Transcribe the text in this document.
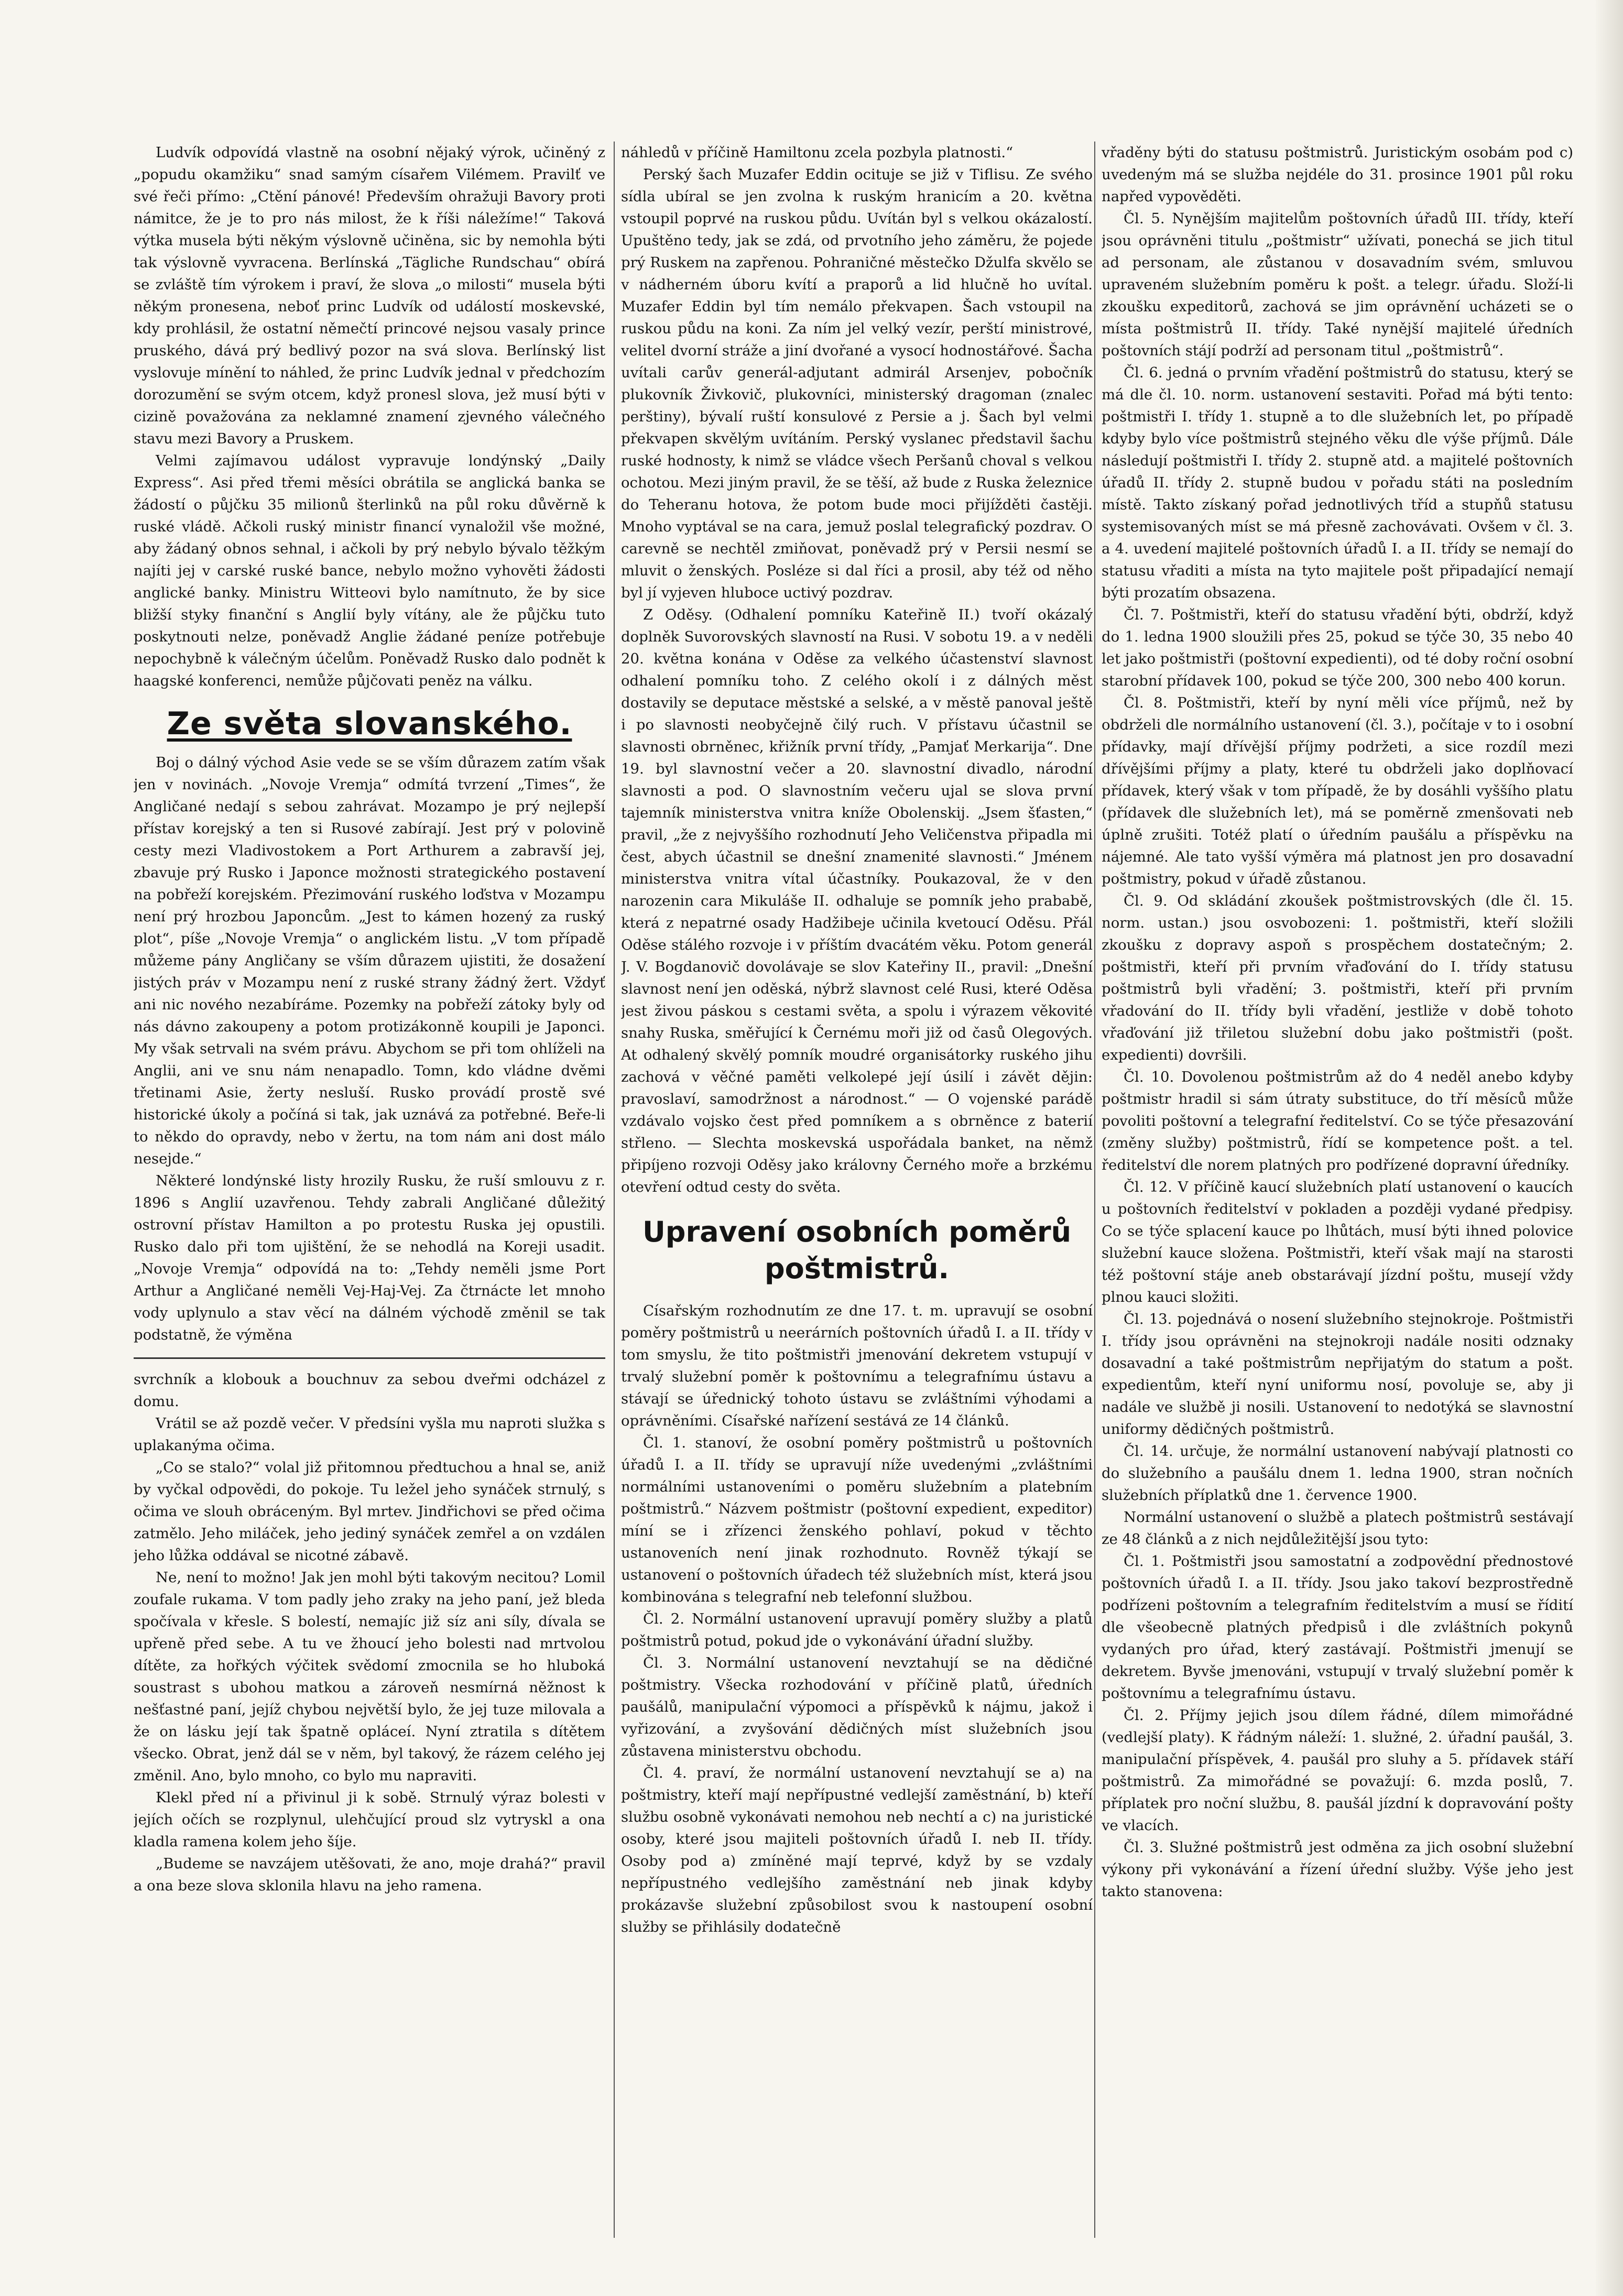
Ludvík odpovídá vlastně na osobní nějaký výrok, učiněný z „popudu okamžiku“ snad samým císařem Vilémem. Pravilť ve své řeči přímo: „Ctění pánové! Především ohražuji Bavory proti námitce, že je to pro nás milost, že k říši náležíme!“ Taková výtka musela býti někým výslovně učiněna, sic by nemohla býti tak výslovně vyvracena. Berlínská „Tägliche Rundschau“ obírá se zvláště tím výrokem i praví, že slova „o milosti“ musela býti někým pronesena, neboť princ Ludvík od událostí moskevské, kdy prohlásil, že ostatní němečtí princové nejsou vasaly prince pruského, dává prý bedlivý pozor na svá slova. Berlínský list vyslovuje mínění to náhled, že princ Ludvík jednal v předchozím dorozumění se svým otcem, když pronesl slova, jež musí býti v cizině považována za neklamné znamení zjevného válečného stavu mezi Bavory a Pruskem.

Velmi zajímavou událost vypravuje londýnský „Daily Express“. Asi před třemi měsíci obrátila se anglická banka se žádostí o půjčku 35 milionů šterlinků na půl roku důvěrně k ruské vládě. Ačkoli ruský ministr financí vynaložil vše možné, aby žádaný obnos sehnal, i ačkoli by prý nebylo bývalo těžkým najíti jej v carské ruské bance, nebylo možno vyhověti žádosti anglické banky. Ministru Witteovi bylo namítnuto, že by sice bližší styky finanční s Anglií byly vítány, ale že půjčku tuto poskytnouti nelze, poněvadž Anglie žádané peníze potřebuje nepochybně k válečným účelům. Poněvadž Rusko dalo podnět k haagské konferenci, nemůže půjčovati peněz na válku.

Ze světa slovanského.

Boj o dálný východ Asie vede se se vším důrazem zatím však jen v novinách. „Novoje Vremja“ odmítá tvrzení „Times“, že Angličané nedají s sebou zahrávat. Mozampo je prý nejlepší přístav korejský a ten si Rusové zabírají. Jest prý v polovině cesty mezi Vladivostokem a Port Arthurem a zabravší jej, zbavuje prý Rusko i Japonce možnosti strategického postavení na pobřeží korejském. Přezimování ruského loďstva v Mozampu není prý hrozbou Japoncům. „Jest to kámen hozený za ruský plot“, píše „Novoje Vremja“ o anglickém listu. „V tom případě můžeme pány Angličany se vším důrazem ujistiti, že dosažení jistých práv v Mozampu není z ruské strany žádný žert. Vždyť ani nic nového nezabíráme. Pozemky na pobřeží zátoky byly od nás dávno zakoupeny a potom protizákonně koupili je Japonci. My však setrvali na svém právu. Abychom se při tom ohlíželi na Anglii, ani ve snu nám nenapadlo. Tomn, kdo vládne dvěmi třetinami Asie, žerty nesluší. Rusko provádí prostě své historické úkoly a počíná si tak, jak uznává za potřebné. Beře-li to někdo do opravdy, nebo v žertu, na tom nám ani dost málo nesejde.“

Některé londýnské listy hrozily Rusku, že ruší smlouvu z r. 1896 s Anglií uzavřenou. Tehdy zabrali Angličané důležitý ostrovní přístav Hamilton a po protestu Ruska jej opustili. Rusko dalo při tom ujištění, že se nehodlá na Koreji usadit. „Novoje Vremja“ odpovídá na to: „Tehdy neměli jsme Port Arthur a Angličané neměli Vej-Haj-Vej. Za čtrnácte let mnoho vody uplynulo a stav věcí na dálném východě změnil se tak podstatně, že výměna

svrchník a klobouk a bouchnuv za sebou dveřmi odcházel z domu.

Vrátil se až pozdě večer. V předsíni vyšla mu naproti služka s uplakanýma očima.

„Co se stalo?“ volal již přitomnou předtuchou a hnal se, aniž by vyčkal odpovědi, do pokoje. Tu ležel jeho synáček strnulý, s očima ve slouh obráceným. Byl mrtev. Jindřichovi se před očima zatmělo. Jeho miláček, jeho jediný synáček zemřel a on vzdálen jeho lůžka oddával se nicotné zábavě.

Ne, není to možno! Jak jen mohl býti takovým necitou? Lomil zoufale rukama. V tom padly jeho zraky na jeho paní, jež bleda spočívala v křesle. S bolestí, nemajíc již síz ani síly, dívala se upřeně před sebe. A tu ve žhoucí jeho bolesti nad mrtvolou dítěte, za hořkých výčitek svědomí zmocnila se ho hluboká soustrast s ubohou matkou a zároveň nesmírná něžnost k nešťastné paní, jejíž chybou největší bylo, že jej tuze milovala a že on lásku její tak špatně opláceí. Nyní ztratila s dítětem všecko. Obrat, jenž dál se v něm, byl takový, že rázem celého jej změnil. Ano, bylo mnoho, co bylo mu napraviti.

Klekl před ní a přivinul ji k sobě. Strnulý výraz bolesti v jejích očích se rozplynul, ulehčující proud slz vytryskl a ona kladla ramena kolem jeho šíje.

„Budeme se navzájem utěšovati, že ano, moje drahá?“ pravil a ona beze slova sklonila hlavu na jeho ramena.

náhledů v příčině Hamiltonu zcela pozbyla platnosti.“

Perský šach Muzafer Eddin ocituje se již v Tiflisu. Ze svého sídla ubíral se jen zvolna k ruským hranicím a 20. května vstoupil poprvé na ruskou půdu. Uvítán byl s velkou okázalostí. Upuštěno tedy, jak se zdá, od prvotního jeho záměru, že pojede prý Ruskem na zapřenou. Pohraničné městečko Džulfa skvělo se v nádherném úboru kvítí a praporů a lid hlučně ho uvítal. Muzafer Eddin byl tím nemálo překvapen. Šach vstoupil na ruskou půdu na koni. Za ním jel velký vezír, perští ministrové, velitel dvorní stráže a jiní dvořané a vysocí hodnostářové. Šacha uvítali carův generál-adjutant admirál Arsenjev, pobočník plukovník Živkovič, plukovníci, ministerský dragoman (znalec perštiny), bývalí ruští konsulové z Persie a j. Šach byl velmi překvapen skvělým uvítáním. Perský vyslanec představil šachu ruské hodnosty, k nimž se vládce všech Peršanů choval s velkou ochotou. Mezi jiným pravil, že se těší, až bude z Ruska železnice do Teheranu hotova, že potom bude moci přijížděti častěji. Mnoho vyptával se na cara, jemuž poslal telegrafický pozdrav. O carevně se nechtěl zmiňovat, poněvadž prý v Persii nesmí se mluvit o ženských. Posléze si dal říci a prosil, aby též od něho byl jí vyjeven hluboce uctivý pozdrav.

Z Oděsy. (Odhalení pomníku Kateřině II.) tvoří okázalý doplněk Suvorovských slavností na Rusi. V sobotu 19. a v neděli 20. května konána v Oděse za velkého účastenství slavnost odhalení pomníku toho. Z celého okolí i z dálných měst dostavily se deputace městské a selské, a v městě panoval ještě i po slavnosti neobyčejně čilý ruch. V přístavu účastnil se slavnosti obrněnec, křižník první třídy, „Pamjať Merkarija“. Dne 19. byl slavnostní večer a 20. slavnostní divadlo, národní slavnosti a pod. O slavnostním večeru ujal se slova první tajemník ministerstva vnitra kníže Obolenskij. „Jsem šťasten,“ pravil, „že z nejvyššího rozhodnutí Jeho Veličenstva připadla mi čest, abych účastnil se dnešní znamenité slavnosti.“ Jménem ministerstva vnitra vítal účastníky. Poukazoval, že v den narozenin cara Mikuláše II. odhaluje se pomník jeho prababě, která z nepatrné osady Hadžibeje učinila kvetoucí Oděsu. Přál Oděse stálého rozvoje i v příštím dvacátém věku. Potom generál J. V. Bogdanovič dovolávaje se slov Kateřiny II., pravil: „Dnešní slavnost není jen oděská, nýbrž slavnost celé Rusi, které Oděsa jest živou páskou s cestami světa, a spolu i výrazem věkovité snahy Ruska, směřující k Černému moři již od časů Olegových. At odhalený skvělý pomník moudré organisátorky ruského jihu zachová v věčné paměti velkolepé její úsilí i závět dějin: pravoslaví, samodržnost a národnost.“ — O vojenské parádě vzdávalo vojsko čest před pomníkem a s obrněnce z baterií střleno. — Slechta moskevská uspořádala banket, na němž připíjeno rozvoji Oděsy jako královny Černého moře a brzkému otevření odtud cesty do světa.

Upravení osobních poměrů poštmistrů.

Císařským rozhodnutím ze dne 17. t. m. upravují se osobní poměry poštmistrů u neerárních poštovních úřadů I. a II. třídy v tom smyslu, že tito poštmistři jmenování dekretem vstupují v trvalý služební poměr k poštovnímu a telegrafnímu ústavu a stávají se úřednický tohoto ústavu se zvláštními výhodami a oprávněními. Císařské nařízení sestává ze 14 článků.

Čl. 1. stanoví, že osobní poměry poštmistrů u poštovních úřadů I. a II. třídy se upravují níže uvedenými „zvláštními normálními ustanoveními o poměru služebním a platebním poštmistrů.“ Názvem poštmistr (poštovní expedient, expeditor) míní se i zřízenci ženského pohlaví, pokud v těchto ustanoveních není jinak rozhodnuto. Rovněž týkají se ustanovení o poštovních úřadech též služebních míst, která jsou kombinována s telegrafní neb telefonní službou.

Čl. 2. Normální ustanovení upravují poměry služby a platů poštmistrů potud, pokud jde o vykonávání úřadní služby.

Čl. 3. Normální ustanovení nevztahují se na dědičné poštmistry. Všecka rozhodování v příčině platů, úředních paušálů, manipulační výpomoci a příspěvků k nájmu, jakož i vyřizování, a zvyšování dědičných míst služebních jsou zůstavena ministerstvu obchodu.

Čl. 4. praví, že normální ustanovení nevztahují se a) na poštmistry, kteří mají nepřípustné vedlejší zaměstnání, b) kteří službu osobně vykonávati nemohou neb nechtí a c) na juristické osoby, které jsou majiteli poštovních úřadů I. neb II. třídy. Osoby pod a) zmíněné mají teprvé, když by se vzdaly nepřípustného vedlejšího zaměstnání neb jinak kdyby prokázavše služební způsobilost svou k nastoupení osobní služby se přihlásily dodatečně

vřaděny býti do statusu poštmistrů. Juristickým osobám pod c) uvedeným má se služba nejdéle do 31. prosince 1901 půl roku napřed vypověděti.

Čl. 5. Nynějším majitelům poštovních úřadů III. třídy, kteří jsou oprávněni titulu „poštmistr“ užívati, ponechá se jich titul ad personam, ale zůstanou v dosavadním svém, smluvou upraveném služebním poměru k pošt. a telegr. úřadu. Složí-li zkoušku expeditorů, zachová se jim oprávnění ucházeti se o místa poštmistrů II. třídy. Také nynější majitelé úředních poštovních stájí podrží ad personam titul „poštmistrů“.

Čl. 6. jedná o prvním vřadění poštmistrů do statusu, který se má dle čl. 10. norm. ustanovení sestaviti. Pořad má býti tento: poštmistři I. třídy 1. stupně a to dle služebních let, po případě kdyby bylo více poštmistrů stejného věku dle výše příjmů. Dále následují poštmistři I. třídy 2. stupně atd. a majitelé poštovních úřadů II. třídy 2. stupně budou v pořadu státi na posledním místě. Takto získaný pořad jednotlivých tříd a stupňů statusu systemisovaných míst se má přesně zachovávati. Ovšem v čl. 3. a 4. uvedení majitelé poštovních úřadů I. a II. třídy se nemají do statusu vřaditi a místa na tyto majitele pošt připadající nemají býti prozatím obsazena.

Čl. 7. Poštmistři, kteří do statusu vřadění býti, obdrží, když do 1. ledna 1900 sloužili přes 25, pokud se týče 30, 35 nebo 40 let jako poštmistři (poštovní expedienti), od té doby roční osobní starobní přídavek 100, pokud se týče 200, 300 nebo 400 korun.

Čl. 8. Poštmistři, kteří by nyní měli více příjmů, než by obdrželi dle normálního ustanovení (čl. 3.), počítaje v to i osobní přídavky, mají dřívější příjmy podržeti, a sice rozdíl mezi dřívějšími příjmy a platy, které tu obdrželi jako doplňovací přídavek, který však v tom případě, že by dosáhli vyššího platu (přídavek dle služebních let), má se poměrně zmenšovati neb úplně zrušiti. Totéž platí o úředním paušálu a příspěvku na nájemné. Ale tato vyšší výměra má platnost jen pro dosavadní poštmistry, pokud v úřadě zůstanou.

Čl. 9. Od skládání zkoušek poštmistrovských (dle čl. 15. norm. ustan.) jsou osvobozeni: 1. poštmistři, kteří složili zkoušku z dopravy aspoň s prospěchem dostatečným; 2. poštmistři, kteří při prvním vřaďování do I. třídy statusu poštmistrů byli vřadění; 3. poštmistři, kteří při prvním vřadování do II. třídy byli vřadění, jestliže v době tohoto vřaďování již třiletou služební dobu jako poštmistři (pošt. expedienti) dovršili.

Čl. 10. Dovolenou poštmistrům až do 4 neděl anebo kdyby poštmistr hradil si sám útraty substituce, do tří měsíců může povoliti poštovní a telegrafní ředitelství. Co se týče přesazování (změny služby) poštmistrů, řídí se kompetence pošt. a tel. ředitelství dle norem platných pro podřízené dopravní úředníky.

Čl. 12. V příčině kaucí služebních platí ustanovení o kaucích u poštovních ředitelství v pokladen a později vydané předpisy. Co se týče splacení kauce po lhůtách, musí býti ihned polovice služební kauce složena. Poštmistři, kteří však mají na starosti též poštovní stáje aneb obstarávají jízdní poštu, musejí vždy plnou kauci složiti.

Čl. 13. pojednává o nosení služebního stejnokroje. Poštmistři I. třídy jsou oprávněni na stejnokroji nadále nositi odznaky dosavadní a také poštmistrům nepřijatým do statum a pošt. expedientům, kteří nyní uniformu nosí, povoluje se, aby ji nadále ve službě ji nosili. Ustanovení to nedotýká se slavnostní uniformy dědičných poštmistrů.

Čl. 14. určuje, že normální ustanovení nabývají platnosti co do služebního a paušálu dnem 1. ledna 1900, stran nočních služebních příplatků dne 1. července 1900.

Normální ustanovení o službě a platech poštmistrů sestávají ze 48 článků a z nich nejdůležitější jsou tyto:

Čl. 1. Poštmistři jsou samostatní a zodpovědní přednostové poštovních úřadů I. a II. třídy. Jsou jako takoví bezprostředně podřízeni poštovním a telegrafním ředitelstvím a musí se řídití dle všeobecně platných předpisů i dle zvláštních pokynů vydaných pro úřad, který zastávají. Poštmistři jmenují se dekretem. Byvše jmenováni, vstupují v trvalý služební poměr k poštovnímu a telegrafnímu ústavu.

Čl. 2. Příjmy jejich jsou dílem řádné, dílem mimořádné (vedlejší platy). K řádným náleží: 1. služné, 2. úřadní paušál, 3. manipulační příspěvek, 4. paušál pro sluhy a 5. přídavek stáří poštmistrů. Za mimořádné se považují: 6. mzda poslů, 7. příplatek pro noční službu, 8. paušál jízdní k dopravování pošty ve vlacích.

Čl. 3. Služné poštmistrů jest odměna za jich osobní služební výkony při vykonávání a řízení úřední služby. Výše jeho jest takto stanovena:
